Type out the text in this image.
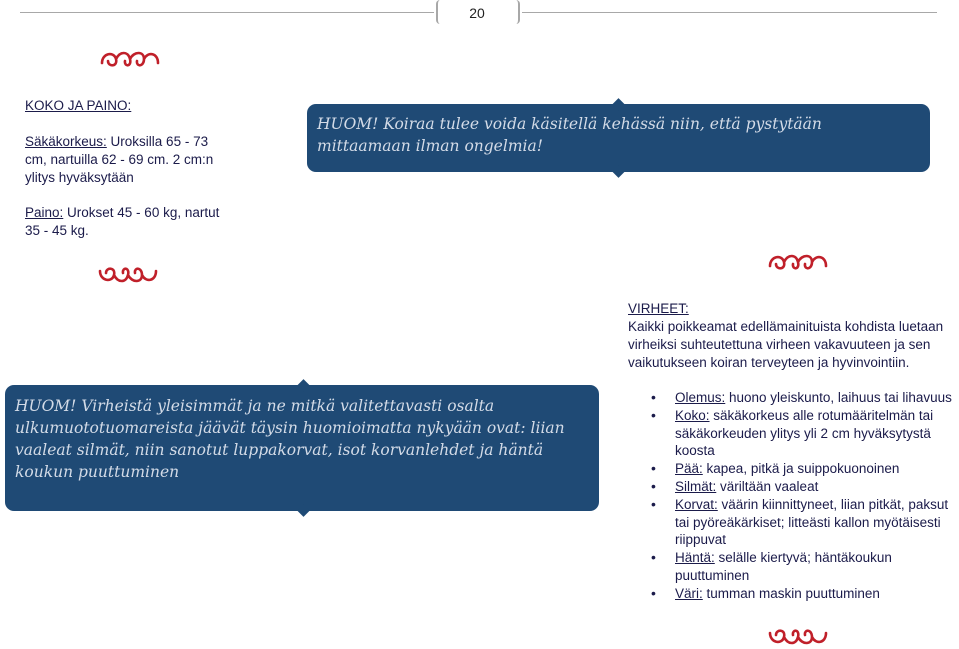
20
KOKO JA PAINO:
Säkäkorkeus: Uroksilla 65 - 73 cm, nartuilla 62 - 69 cm. 2 cm:n ylitys hyväksytään
Paino: Urokset 45 - 60 kg, nartut 35 - 45 kg.
HUOM! Koiraa tulee voida käsitellä kehässä niin, että pystytään mittaamaan ilman ongelmia!
VIRHEET:
Kaikki poikkeamat edellämainituista kohdista luetaan virheiksi suhteutettuna virheen vakavuuteen ja sen vaikutukseen koiran terveyteen ja hyvinvointiin.
HUOM! Virheistä yleisimmät ja ne mitkä valitettavasti osalta ulkumuototuomareista jäävät täysin huomioimatta nykyään ovat: liian vaaleat silmät, niin sanotut luppakorvat, isot korvanlehdet ja häntä koukun puuttuminen
• Olemus: huono yleiskunto, laihuus tai lihavuus
• Koko: säkäkorkeus alle rotumääritelmän tai säkäkorkeuden ylitys yli 2 cm hyväksytystä koosta
• Pää: kapea, pitkä ja suippokuonoinen
• Silmät: väriltään vaaleat
• Korvat: väärin kiinnittyneet, liian pitkät, paksut tai pyöreäkärkiset; litteästi kallon myötäisesti riippuvat
• Häntä: selälle kiertyvä; häntäkoukun puuttuminen
• Väri: tumman maskin puuttuminen
